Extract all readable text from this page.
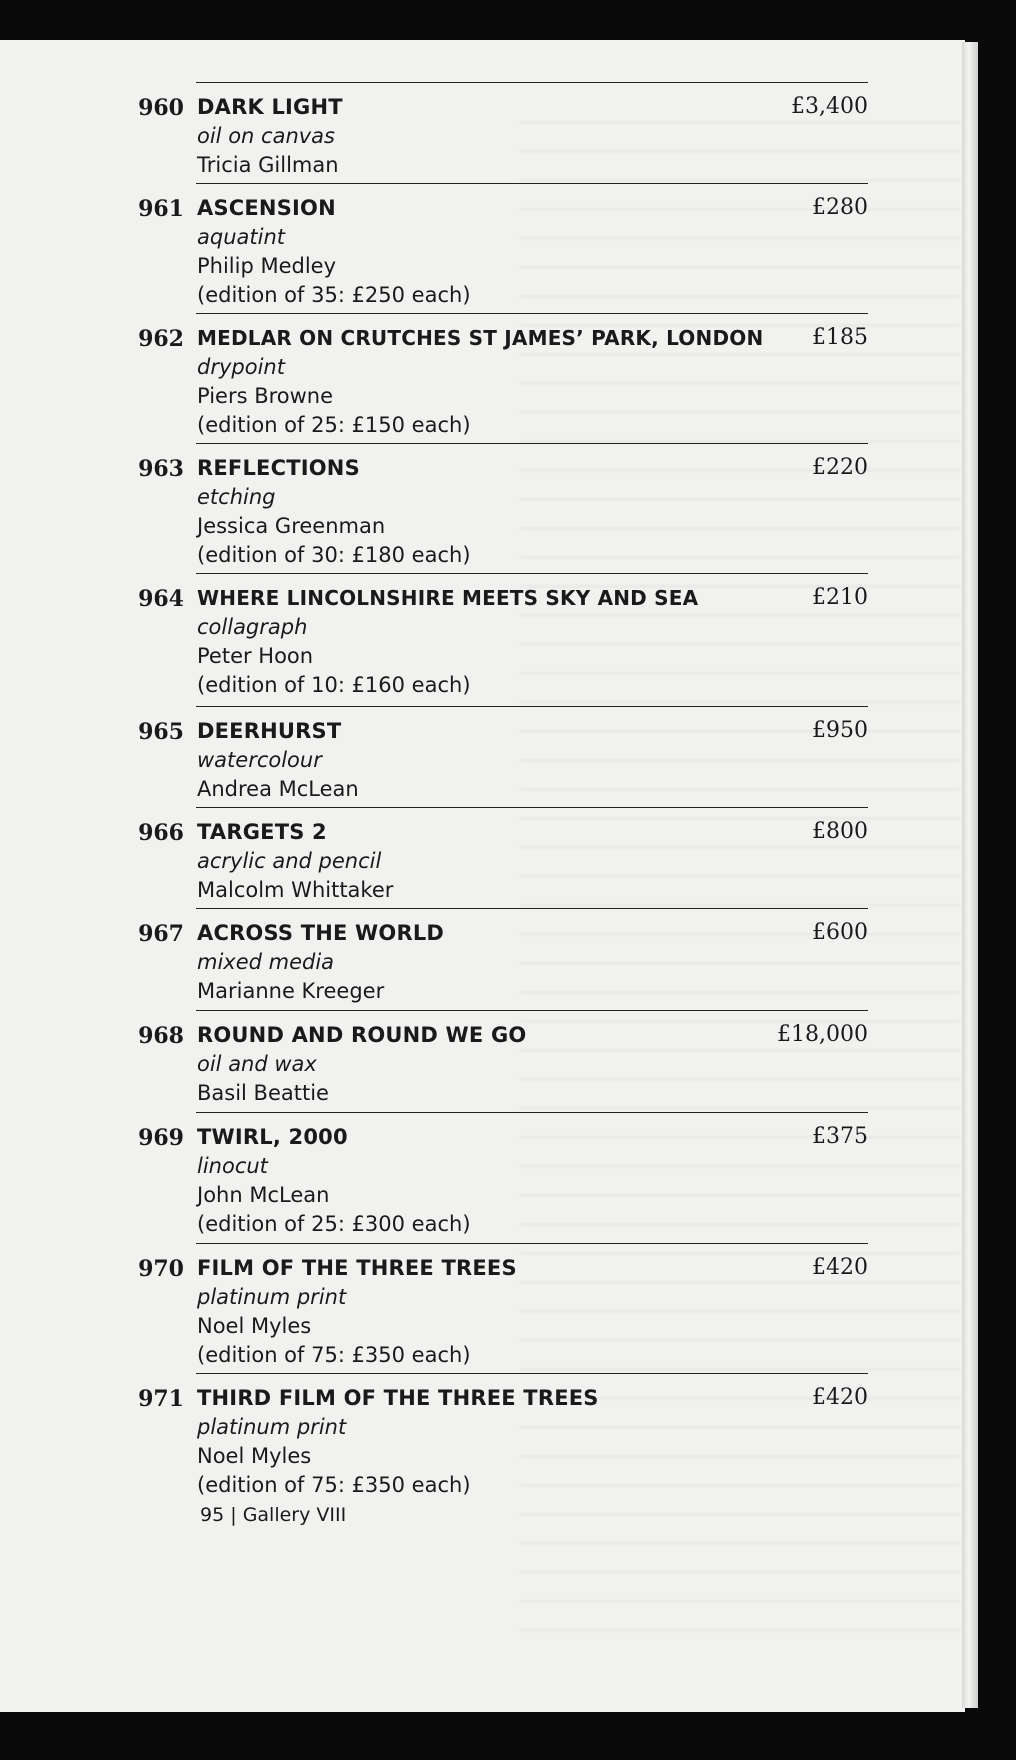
960 DARK LIGHT	£3,400
oil on canvas
Tricia Gillman
961 ASCENSION	£280
aquatint
Philip Medley
(edition of 35: £250 each)
962 MEDLAR ON CRUTCHES ST JAMES’ PARK, LONDON £185
drypoint
Piers Browne
(edition of 25: £150 each)
963 REFLECTIONS	£220
etching
Jessica Greenman
(edition of 30: £180 each)
964 WHERE LINCOLNSHIRE MEETS SKY AND SEA	£210
collagraph
Peter Hoon
(edition of 10: £160 each)
965 DEERHURST	£950
watercolour
Andrea McLean
966 TARGETS 2	£800
acrylic and pencil
Malcolm Whittaker
967 ACROSS THE WORLD	£600
mixed media
Marianne Kreeger
968 ROUND AND ROUND WE GO	£18,000
oil and wax
Basil Beattie
969 TWIRL, 2000	£375
linocut
John McLean
(edition of 25: £300 each)
970 FILM OF THE THREE TREES	£420
platinum print
Noel Myles
(edition of 75: £350 each)
971 THIRD FILM OF THE THREE TREES	£420
platinum print
Noel Myles
(edition of 75: £350 each)
95 | Gallery VIII
